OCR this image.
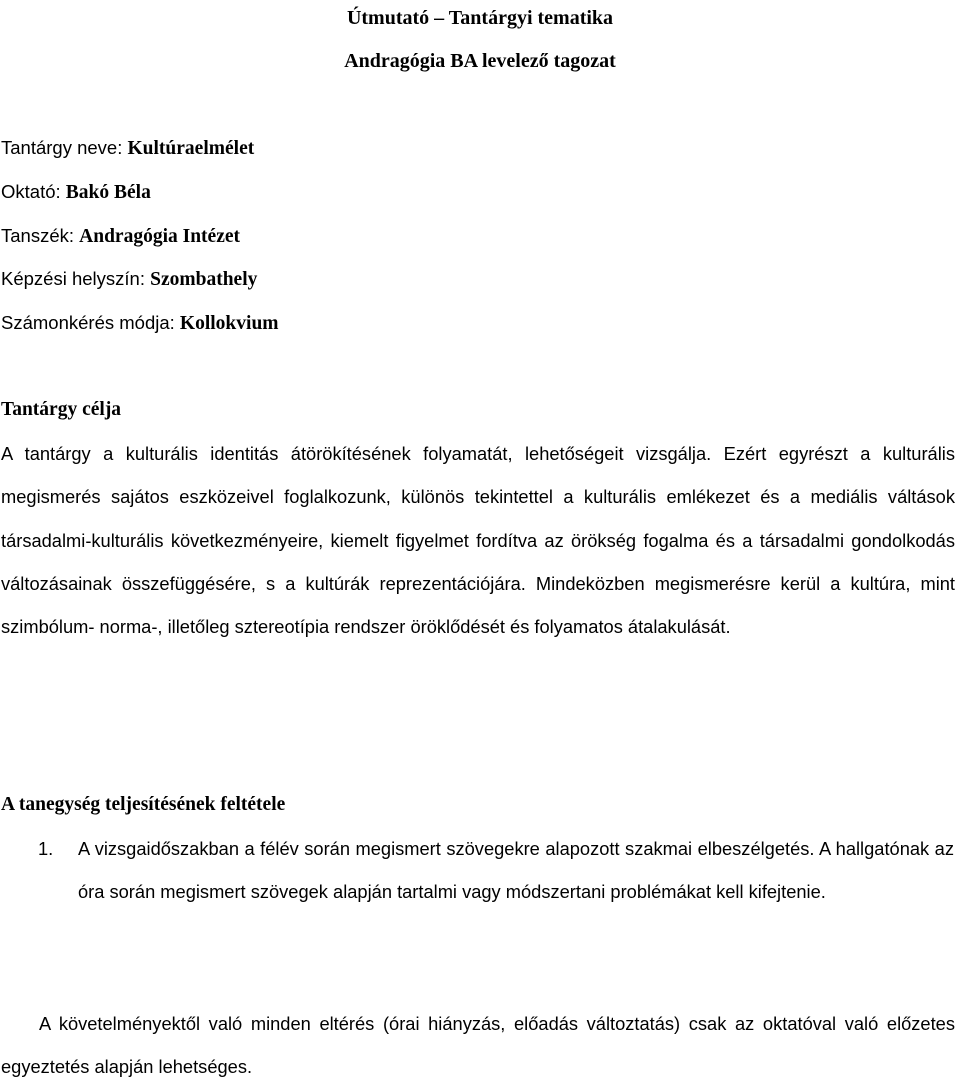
Útmutató – Tantárgyi tematika
Andragógia BA levelező tagozat
Tantárgy neve: Kultúraelmélet
Oktató: Bakó Béla
Tanszék: Andragógia Intézet
Képzési helyszín: Szombathely
Számonkérés módja: Kollokvium
Tantárgy célja

A tantárgy a kulturális identitás átörökítésének folyamatát, lehetőségeit vizsgálja. Ezért egyrészt a kulturális megismerés sajátos eszközeivel foglalkozunk, különös tekintettel a kulturális emlékezet és a mediális váltások társadalmi-kulturális következményeire, kiemelt figyelmet fordítva az örökség fogalma és a társadalmi gondolkodás változásainak összefüggésére, s a kultúrák reprezentációjára. Mindeközben megismerésre kerül a kultúra, mint szimbólum- norma-, illetőleg sztereotípia rendszer öröklődését és folyamatos átalakulását.

A tanegység teljesítésének feltétele
1. A vizsgaidőszakban a félév során megismert szövegekre alapozott szakmai elbeszélgetés. A hallgatónak az óra során megismert szövegek alapján tartalmi vagy módszertani problémákat kell kifejtenie.

A követelményektől való minden eltérés (órai hiányzás, előadás változtatás) csak az oktatóval való előzetes egyeztetés alapján lehetséges.
